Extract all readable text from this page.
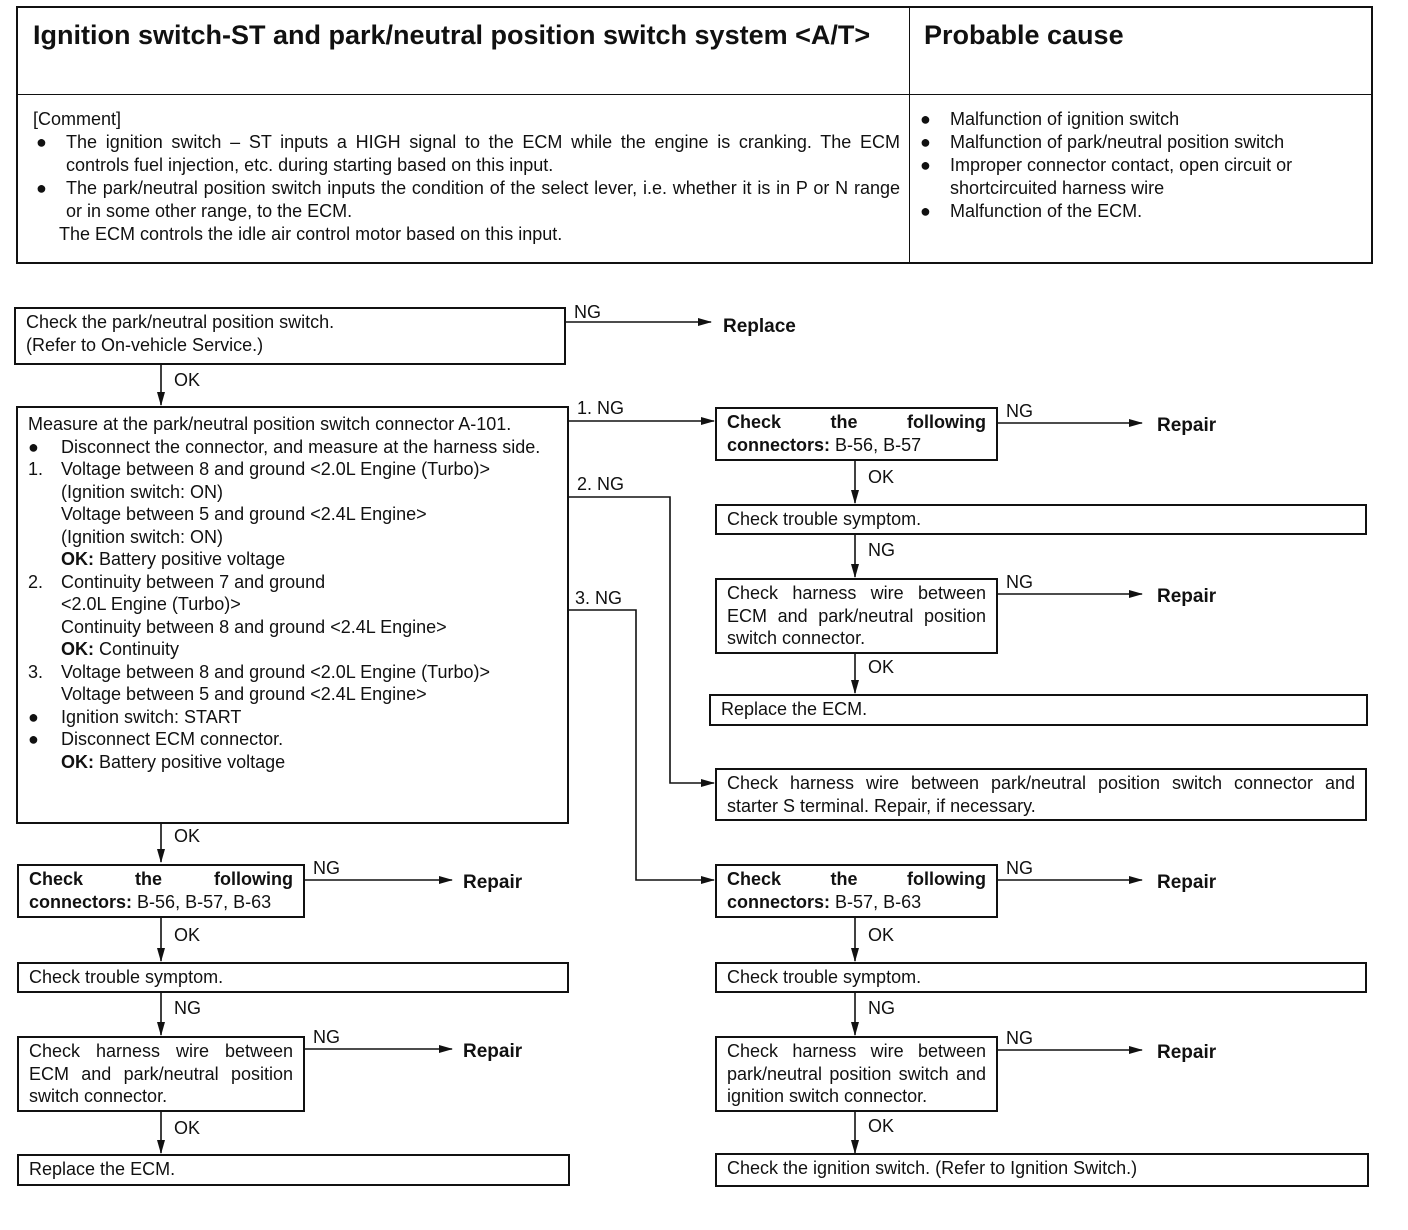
Ignition switch-ST and park/neutral position switch system <A/T>	Probable cause
[Comment]
● The ignition switch – ST inputs a HIGH signal to the ECM while the engine is cranking. The ECM controls fuel injection, etc. during starting based on this input.
● The park/neutral position switch inputs the condition of the select lever, i.e. whether it is in P or N range or in some other range, to the ECM.
The ECM controls the idle air control motor based on this input.
● Malfunction of ignition switch
● Malfunction of park/neutral position switch
● Improper connector contact, open circuit or shortcircuited harness wire
● Malfunction of the ECM.
Check the park/neutral position switch.
(Refer to On-vehicle Service.)
NG
Replace
OK
Measure at the park/neutral position switch connector A-101.
● Disconnect the connector, and measure at the harness side.
1. Voltage between 8 and ground <2.0L Engine (Turbo)>
(Ignition switch: ON)
Voltage between 5 and ground <2.4L Engine>
(Ignition switch: ON)
OK: Battery positive voltage
2. Continuity between 7 and ground
<2.0L Engine (Turbo)>
Continuity between 8 and ground <2.4L Engine>
OK: Continuity
3. Voltage between 8 and ground <2.0L Engine (Turbo)>
Voltage between 5 and ground <2.4L Engine>
● Ignition switch: START
● Disconnect ECM connector.
OK: Battery positive voltage
1. NG
2. NG
3. NG
OK
Check the following connectors: B-56, B-57, B-63
NG
Repair
OK
Check trouble symptom.
NG
Check harness wire between ECM and park/neutral position switch connector.
NG
Repair
OK
Replace the ECM.
Check the following connectors: B-56, B-57
NG
Repair
OK
Check trouble symptom.
NG
Check harness wire between ECM and park/neutral position switch connector.
NG
Repair
OK
Replace the ECM.
Check harness wire between park/neutral position switch connector and starter S terminal. Repair, if necessary.
Check the following connectors: B-57, B-63
NG
Repair
OK
Check trouble symptom.
NG
Check harness wire between park/neutral position switch and ignition switch connector.
NG
Repair
OK
Check the ignition switch. (Refer to Ignition Switch.)
